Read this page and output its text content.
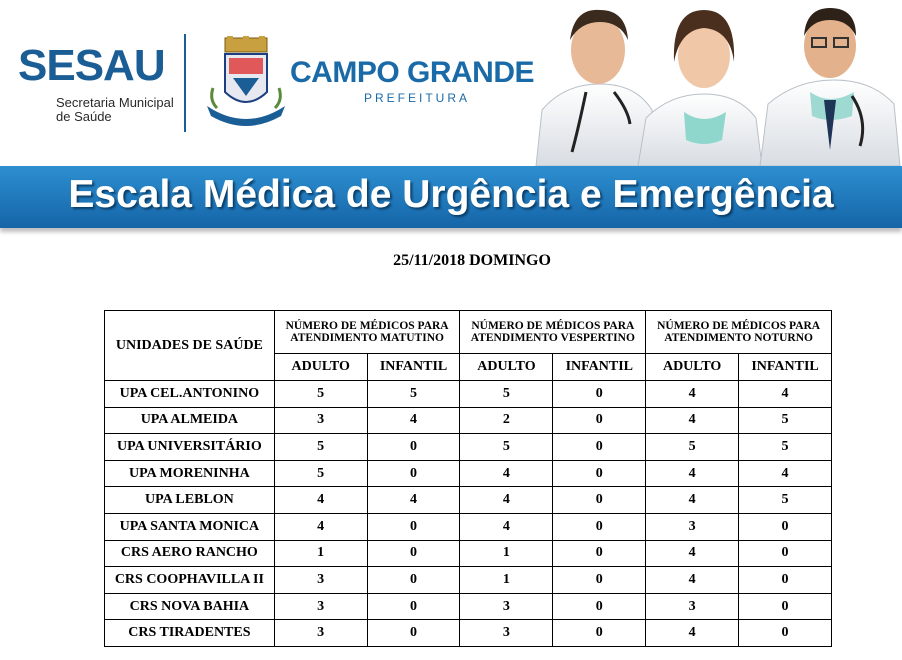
SESAU
Secretaria Municipal
de Saúde
CAMPO GRANDE
PREFEITURA
Escala Médica de Urgência e Emergência
25/11/2018 DOMINGO
UNIDADES DE SAÚDE	NÚMERO DE MÉDICOS PARA ATENDIMENTO MATUTINO		NÚMERO DE MÉDICOS PARA ATENDIMENTO VESPERTINO		NÚMERO DE MÉDICOS PARA ATENDIMENTO NOTURNO	
	ADULTO	INFANTIL	ADULTO	INFANTIL	ADULTO	INFANTIL
UPA CEL.ANTONINO	5	5	5	0	4	4
UPA ALMEIDA	3	4	2	0	4	5
UPA UNIVERSITÁRIO	5	0	5	0	5	5
UPA MORENINHA	5	0	4	0	4	4
UPA LEBLON	4	4	4	0	4	5
UPA SANTA MONICA	4	0	4	0	3	0
CRS AERO RANCHO	1	0	1	0	4	0
CRS COOPHAVILLA II	3	0	1	0	4	0
CRS NOVA BAHIA	3	0	3	0	3	0
CRS TIRADENTES	3	0	3	0	4	0
